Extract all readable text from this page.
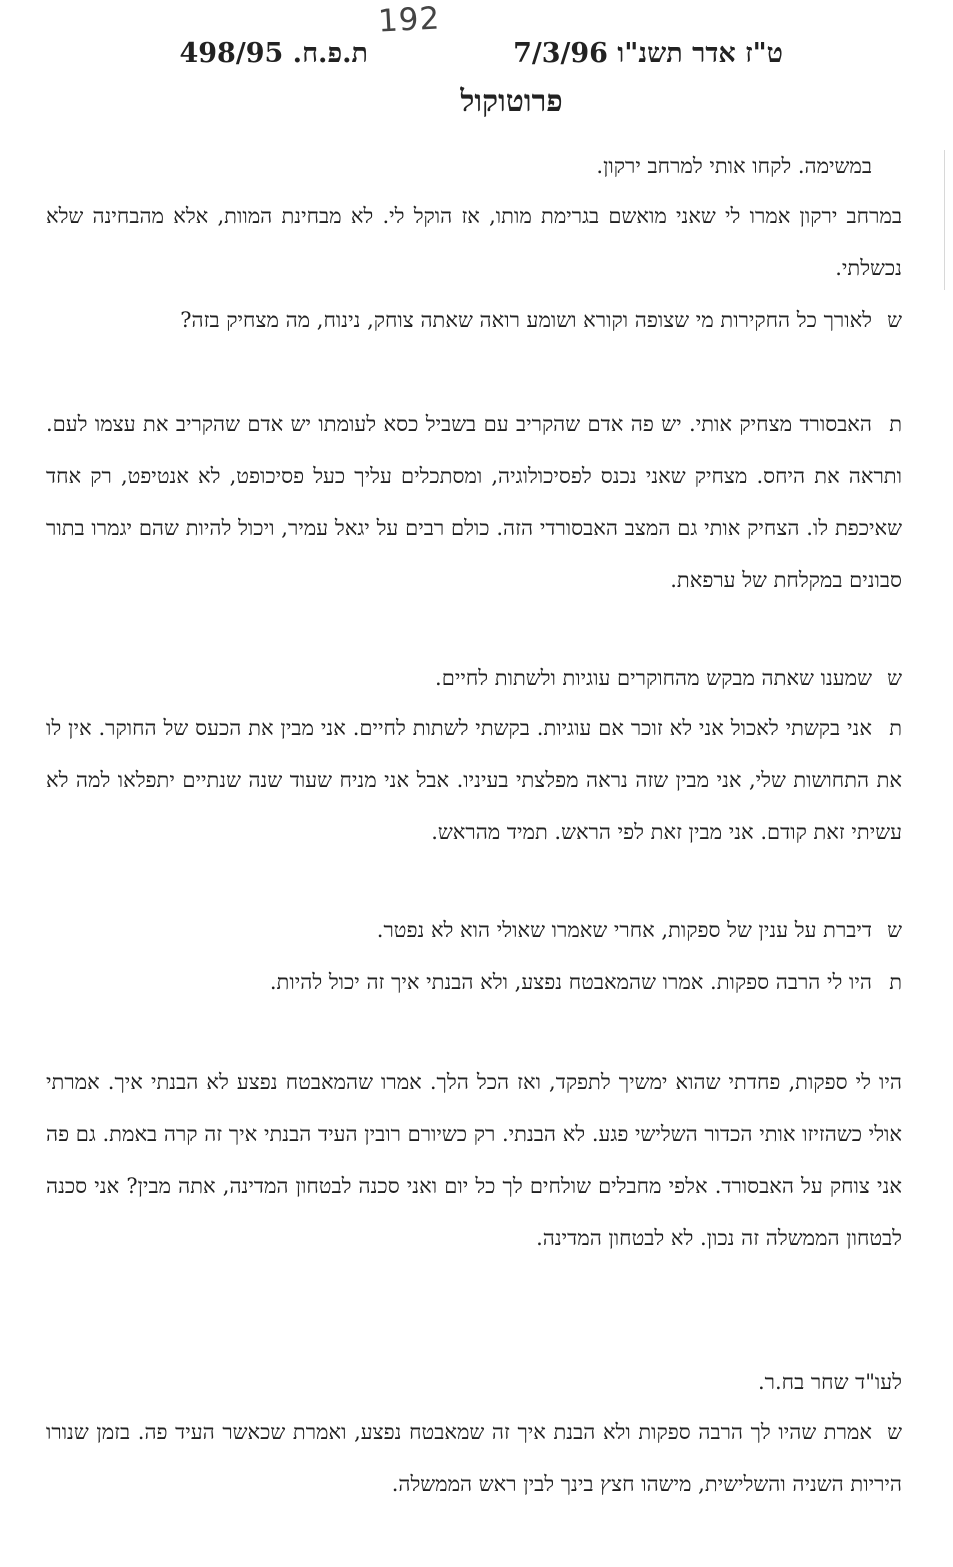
192
ט"ז אדר תשנ"ו 7/3/96
ת.פ.ח. 498/95
פרוטוקול
במשימה. לקחו אותי למרחב ירקון.
במרחב ירקון אמרו לי שאני מואשם בגרימת מותו, אז הוקל לי. לא מבחינת המוות, אלא מהבחינה שלא נכשלתי.
שלאורך כל החקירות מי שצופה וקורא ושומע רואה שאתה צוחק, נינוח, מה מצחיק בזה?
תהאבסורד מצחיק אותי. יש פה אדם שהקריב עם בשביל כסא לעומתו יש אדם שהקריב את עצמו לעם. ותראה את היחס. מצחיק שאני נכנס לפסיכולוגיה, ומסתכלים עליך כעל פסיכופט, לא אנטיפט, רק אחד שאיכפת לו. הצחיק אותי גם המצב האבסורדי הזה. כולם רבים על יגאל עמיר, ויכול להיות שהם יגמרו בתור סבונים במקלחת של ערפאת.
ששמענו שאתה מבקש מהחוקרים עוגיות ולשתות לחיים.
תאני בקשתי לאכול אני לא זוכר אם עוגיות. בקשתי לשתות לחיים. אני מבין את הכעס של החוקר. אין לו את התחושות שלי, אני מבין שזה נראה מפלצתי בעיניו. אבל אני מניח שעוד שנה שנתיים יתפלאו למה לא עשיתי זאת קודם. אני מבין זאת לפי הראש. תמיד מהראש.
שדיברת על ענין של ספקות, אחרי שאמרו שאולי הוא לא נפטר.
תהיו לי הרבה ספקות. אמרו שהמאבטח נפצע, ולא הבנתי איך זה יכול להיות.
היו לי ספקות, פחדתי שהוא ימשיך לתפקד, ואז הכל הלך. אמרו שהמאבטח נפצע לא הבנתי איך. אמרתי אולי כשהזיזו אותי הכדור השלישי פגע. לא הבנתי. רק כשיורם רובין העיד הבנתי איך זה קרה באמת. גם פה אני צוחק על האבסורד. אלפי מחבלים שולחים לך כל יום ואני סכנה לבטחון המדינה, אתה מבין? אני סכנה לבטחון הממשלה זה נכון. לא לבטחון המדינה.
לעו"ד שחר בח.ר.
שאמרת שהיו לך הרבה ספקות ולא הבנת איך זה שמאבטח נפצע, ואמרת שכאשר העיד פה. בזמן שנורו היריות השניה והשלישית, מישהו חצץ בינך לבין ראש הממשלה.
